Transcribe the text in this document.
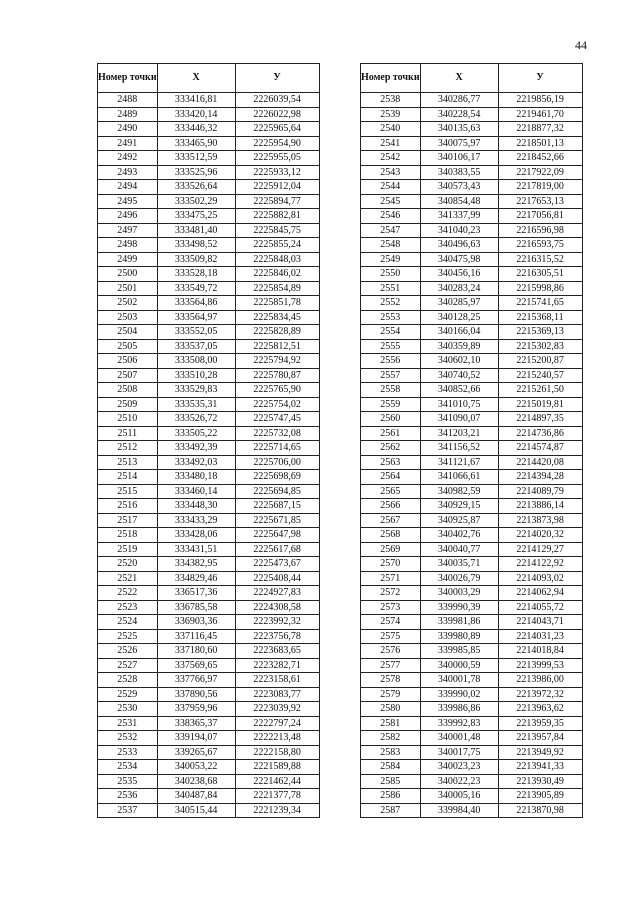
44
Номер точки	X	У
2488	333416,81	2226039,54
2489	333420,14	2226022,98
2490	333446,32	2225965,64
2491	333465,90	2225954,90
2492	333512,59	2225955,05
2493	333525,96	2225933,12
2494	333526,64	2225912,04
2495	333502,29	2225894,77
2496	333475,25	2225882,81
2497	333481,40	2225845,75
2498	333498,52	2225855,24
2499	333509,82	2225848,03
2500	333528,18	2225846,02
2501	333549,72	2225854,89
2502	333564,86	2225851,78
2503	333564,97	2225834,45
2504	333552,05	2225828,89
2505	333537,05	2225812,51
2506	333508,00	2225794,92
2507	333510,28	2225780,87
2508	333529,83	2225765,90
2509	333535,31	2225754,02
2510	333526,72	2225747,45
2511	333505,22	2225732,08
2512	333492,39	2225714,65
2513	333492,03	2225706,00
2514	333480,18	2225698,69
2515	333460,14	2225694,85
2516	333448,30	2225687,15
2517	333433,29	2225671,85
2518	333428,06	2225647,98
2519	333431,51	2225617,68
2520	334382,95	2225473,67
2521	334829,46	2225408,44
2522	336517,36	2224927,83
2523	336785,58	2224308,58
2524	336903,36	2223992,32
2525	337116,45	2223756,78
2526	337180,60	2223683,65
2527	337569,65	2223282,71
2528	337766,97	2223158,61
2529	337890,56	2223083,77
2530	337959,96	2223039,92
2531	338365,37	2222797,24
2532	339194,07	2222213,48
2533	339265,67	2222158,80
2534	340053,22	2221589,88
2535	340238,68	2221462,44
2536	340487,84	2221377,78
2537	340515,44	2221239,34
Номер точки	X	У
2538	340286,77	2219856,19
2539	340228,54	2219461,70
2540	340135,63	2218877,32
2541	340075,97	2218501,13
2542	340106,17	2218452,66
2543	340383,55	2217922,09
2544	340573,43	2217819,00
2545	340854,48	2217653,13
2546	341337,99	2217056,81
2547	341040,23	2216596,98
2548	340496,63	2216593,75
2549	340475,98	2216315,52
2550	340456,16	2216305,51
2551	340283,24	2215998,86
2552	340285,97	2215741,65
2553	340128,25	2215368,11
2554	340166,04	2215369,13
2555	340359,89	2215302,83
2556	340602,10	2215200,87
2557	340740,52	2215240,57
2558	340852,66	2215261,50
2559	341010,75	2215019,81
2560	341090,07	2214897,35
2561	341203,21	2214736,86
2562	341156,52	2214574,87
2563	341121,67	2214420,08
2564	341066,61	2214394,28
2565	340982,59	2214089,79
2566	340929,15	2213886,14
2567	340925,87	2213873,98
2568	340402,76	2214020,32
2569	340040,77	2214129,27
2570	340035,71	2214122,92
2571	340026,79	2214093,02
2572	340003,29	2214062,94
2573	339990,39	2214055,72
2574	339981,86	2214043,71
2575	339980,89	2214031,23
2576	339985,85	2214018,84
2577	340000,59	2213999,53
2578	340001,78	2213986,00
2579	339990,02	2213972,32
2580	339986,86	2213963,62
2581	339992,83	2213959,35
2582	340001,48	2213957,84
2583	340017,75	2213949,92
2584	340023,23	2213941,33
2585	340022,23	2213930,49
2586	340005,16	2213905,89
2587	339984,40	2213870,98
